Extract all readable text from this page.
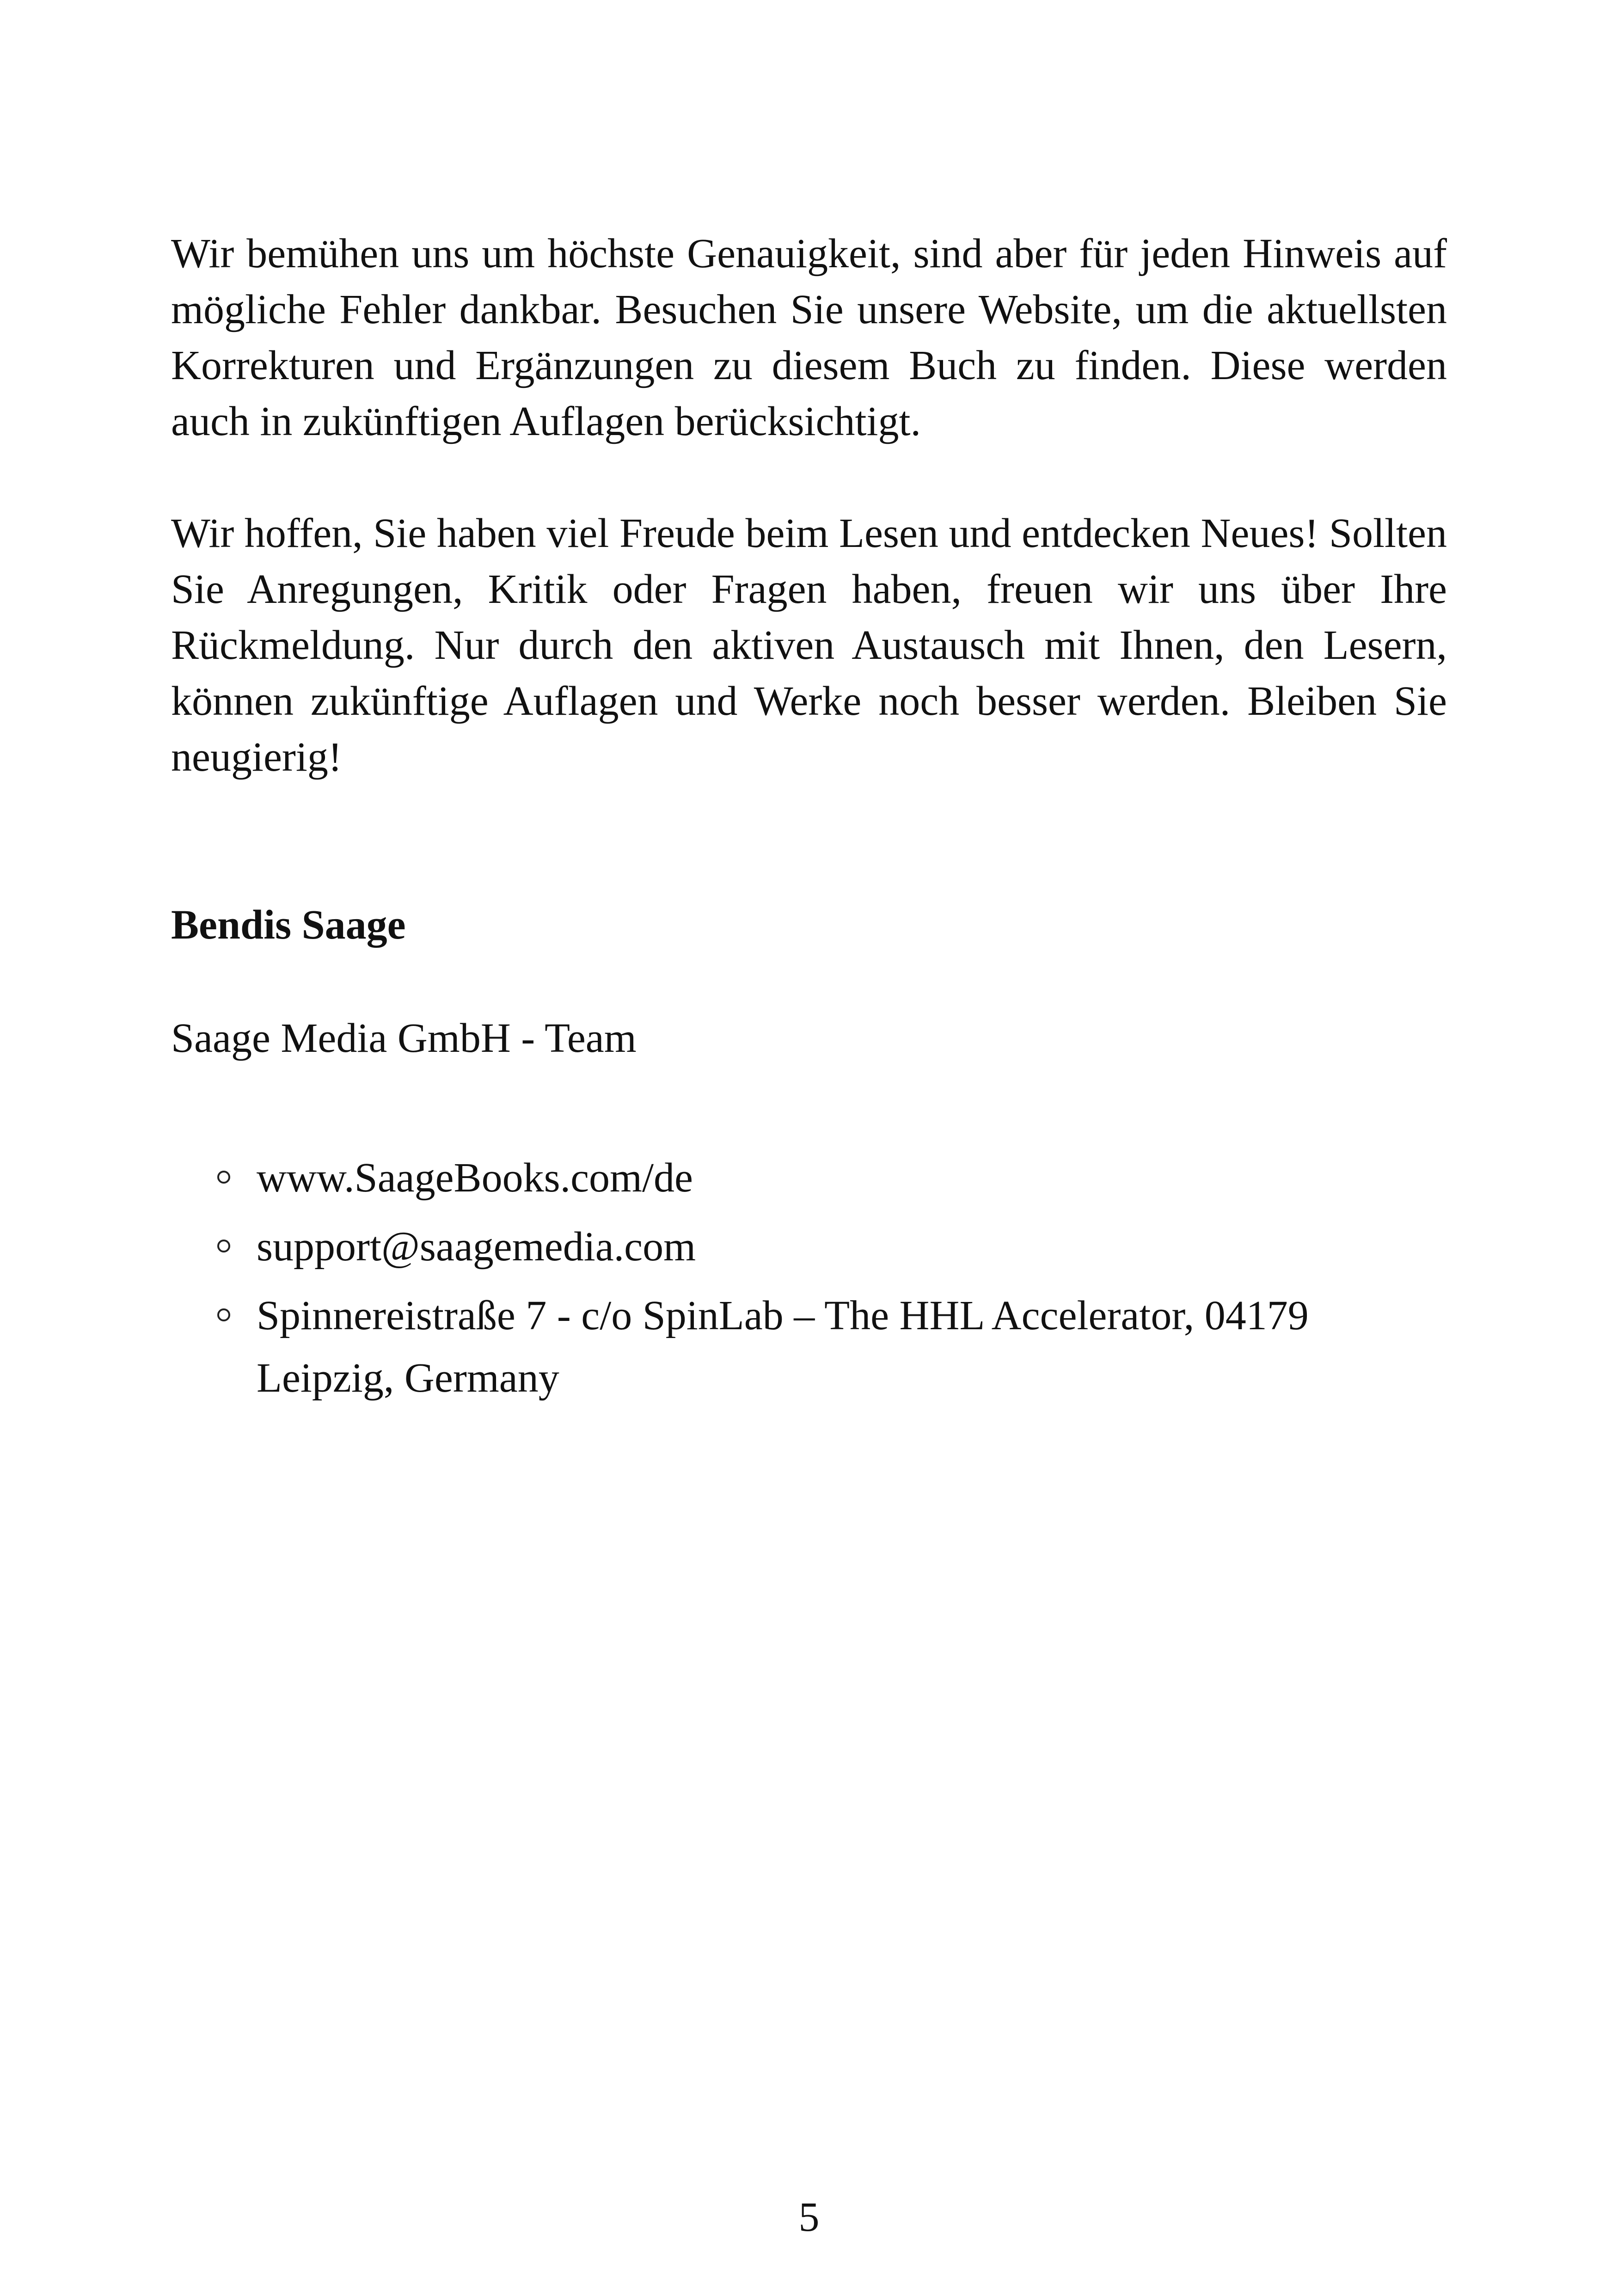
Wir bemühen uns um höchste Genauigkeit, sind aber für jeden Hinweis auf mögliche Fehler dankbar. Besuchen Sie unsere Website, um die aktuellsten Korrekturen und Ergänzungen zu diesem Buch zu finden. Diese werden auch in zukünftigen Auflagen berücksichtigt.

Wir hoffen, Sie haben viel Freude beim Lesen und entdecken Neues! Sollten Sie Anregungen, Kritik oder Fragen haben, freuen wir uns über Ihre Rückmeldung. Nur durch den aktiven Austausch mit Ihnen, den Lesern, können zukünftige Auflagen und Werke noch besser werden. Bleiben Sie neugierig!

Bendis Saage

Saage Media GmbH - Team

www.SaageBooks.com/de
support@saagemedia.com
Spinnereistraße 7 - c/o SpinLab – The HHL Accelerator, 04179 Leipzig, Germany

5
